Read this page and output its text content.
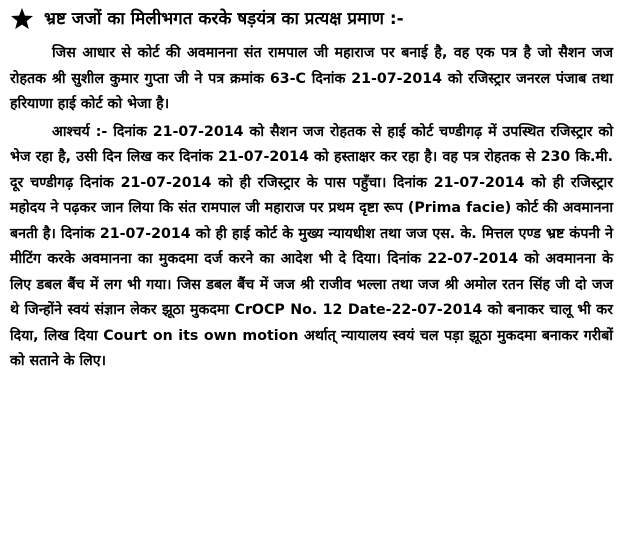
भ्रष्ट जजों का मिलीभगत करके षड़यंत्र का प्रत्यक्ष प्रमाण :-

जिस आधार से कोर्ट की अवमानना संत रामपाल जी महाराज पर बनाई है, वह एक पत्र है जो सैशन जज रोहतक श्री सुशील कुमार गुप्ता जी ने पत्र क्रमांक 63-C दिनांक 21-07-2014 को रजिस्ट्रार जनरल पंजाब तथा हरियाणा हाई कोर्ट को भेजा है।

आश्चर्य :- दिनांक 21-07-2014 को सैशन जज रोहतक से हाई कोर्ट चण्डीगढ़ में उपस्थित रजिस्ट्रार को भेज रहा है, उसी दिन लिख कर दिनांक 21-07-2014 को हस्ताक्षर कर रहा है। वह पत्र रोहतक से 230 कि.मी. दूर चण्डीगढ़ दिनांक 21-07-2014 को ही रजिस्ट्रार के पास पहुँचा। दिनांक 21-07-2014 को ही रजिस्ट्रार महोदय ने पढ़कर जान लिया कि संत रामपाल जी महाराज पर प्रथम दृष्टा रूप (Prima facie) कोर्ट की अवमानना बनती है। दिनांक 21-07-2014 को ही हाई कोर्ट के मुख्य न्यायधीश तथा जज एस. के. मित्तल एण्ड भ्रष्ट कंपनी ने मीटिंग करके अवमानना का मुकदमा दर्ज करने का आदेश भी दे दिया। दिनांक 22-07-2014 को अवमानना के लिए डबल बैंच में लग भी गया। जिस डबल बैंच में जज श्री राजीव भल्ला तथा जज श्री अमोल रतन सिंह जी दो जज थे जिन्होंने स्वयं संज्ञान लेकर झूठा मुकदमा CrOCP No. 12 Date-22-07-2014 को बनाकर चालू भी कर दिया, लिख दिया Court on its own motion अर्थात् न्यायालय स्वयं चल पड़ा झूठा मुकदमा बनाकर गरीबों को सताने के लिए।
